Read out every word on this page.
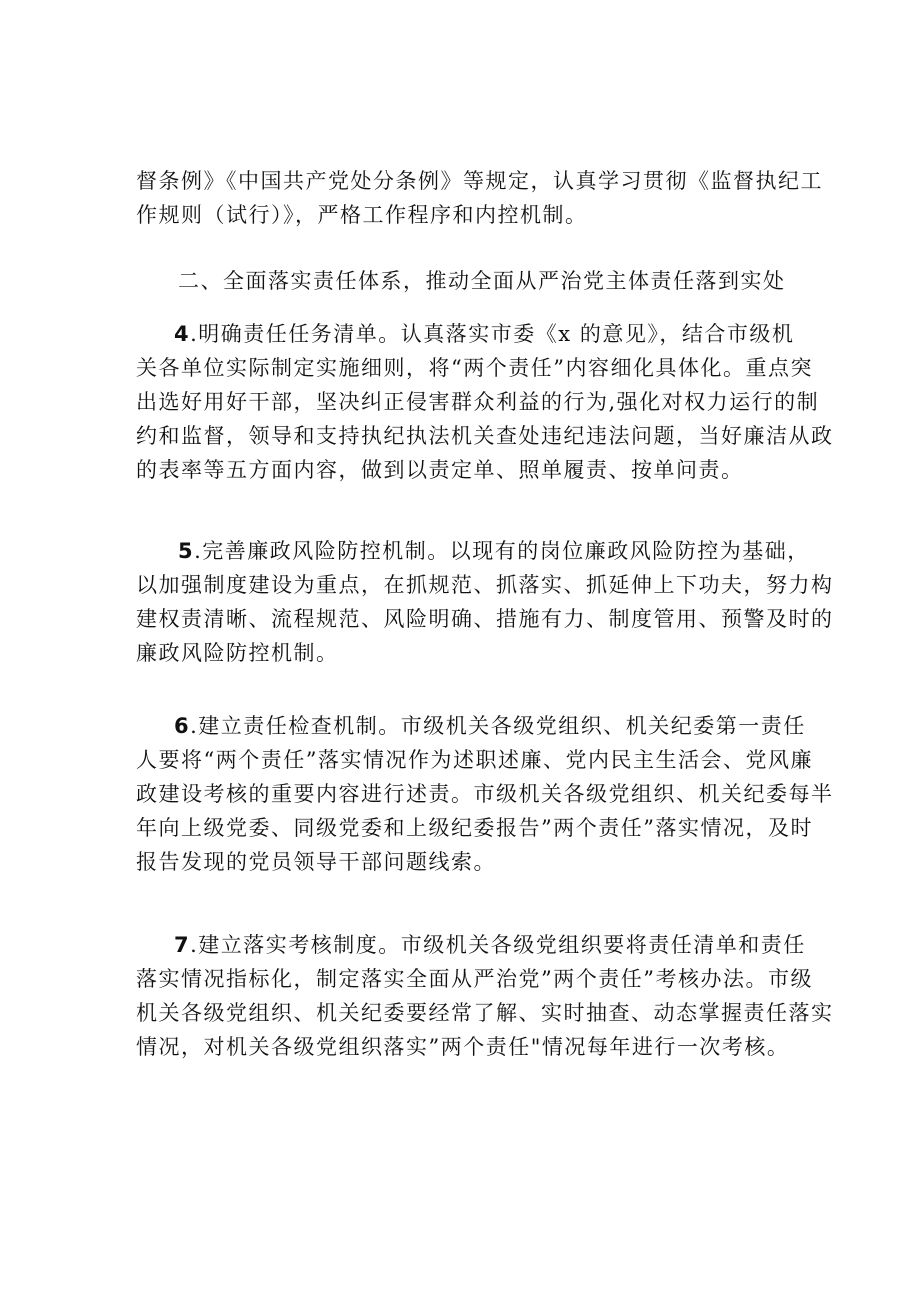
督条例》《中国共产党处分条例》等规定，认真学习贯彻《监督执纪工
作规则（试行）》，严格工作程序和内控机制。
二、全面落实责任体系，推动全面从严治党主体责任落到实处
4.明确责任任务清单。认真落实市委《x 的意见》，结合市级机
关各单位实际制定实施细则，将“两个责任”内容细化具体化。重点突
出选好用好干部，坚决纠正侵害群众利益的行为,强化对权力运行的制
约和监督，领导和支持执纪执法机关查处违纪违法问题，当好廉洁从政
的表率等五方面内容，做到以责定单、照单履责、按单问责。
5.完善廉政风险防控机制。以现有的岗位廉政风险防控为基础，
以加强制度建设为重点，在抓规范、抓落实、抓延伸上下功夫，努力构
建权责清晰、流程规范、风险明确、措施有力、制度管用、预警及时的
廉政风险防控机制。
6.建立责任检查机制。市级机关各级党组织、机关纪委第一责任
人要将“两个责任”落实情况作为述职述廉、党内民主生活会、党风廉
政建设考核的重要内容进行述责。市级机关各级党组织、机关纪委每半
年向上级党委、同级党委和上级纪委报告”两个责任”落实情况，及时
报告发现的党员领导干部问题线索。
7.建立落实考核制度。市级机关各级党组织要将责任清单和责任
落实情况指标化，制定落实全面从严治党”两个责任”考核办法。市级
机关各级党组织、机关纪委要经常了解、实时抽查、动态掌握责任落实
情况，对机关各级党组织落实”两个责任"情况每年进行一次考核。
